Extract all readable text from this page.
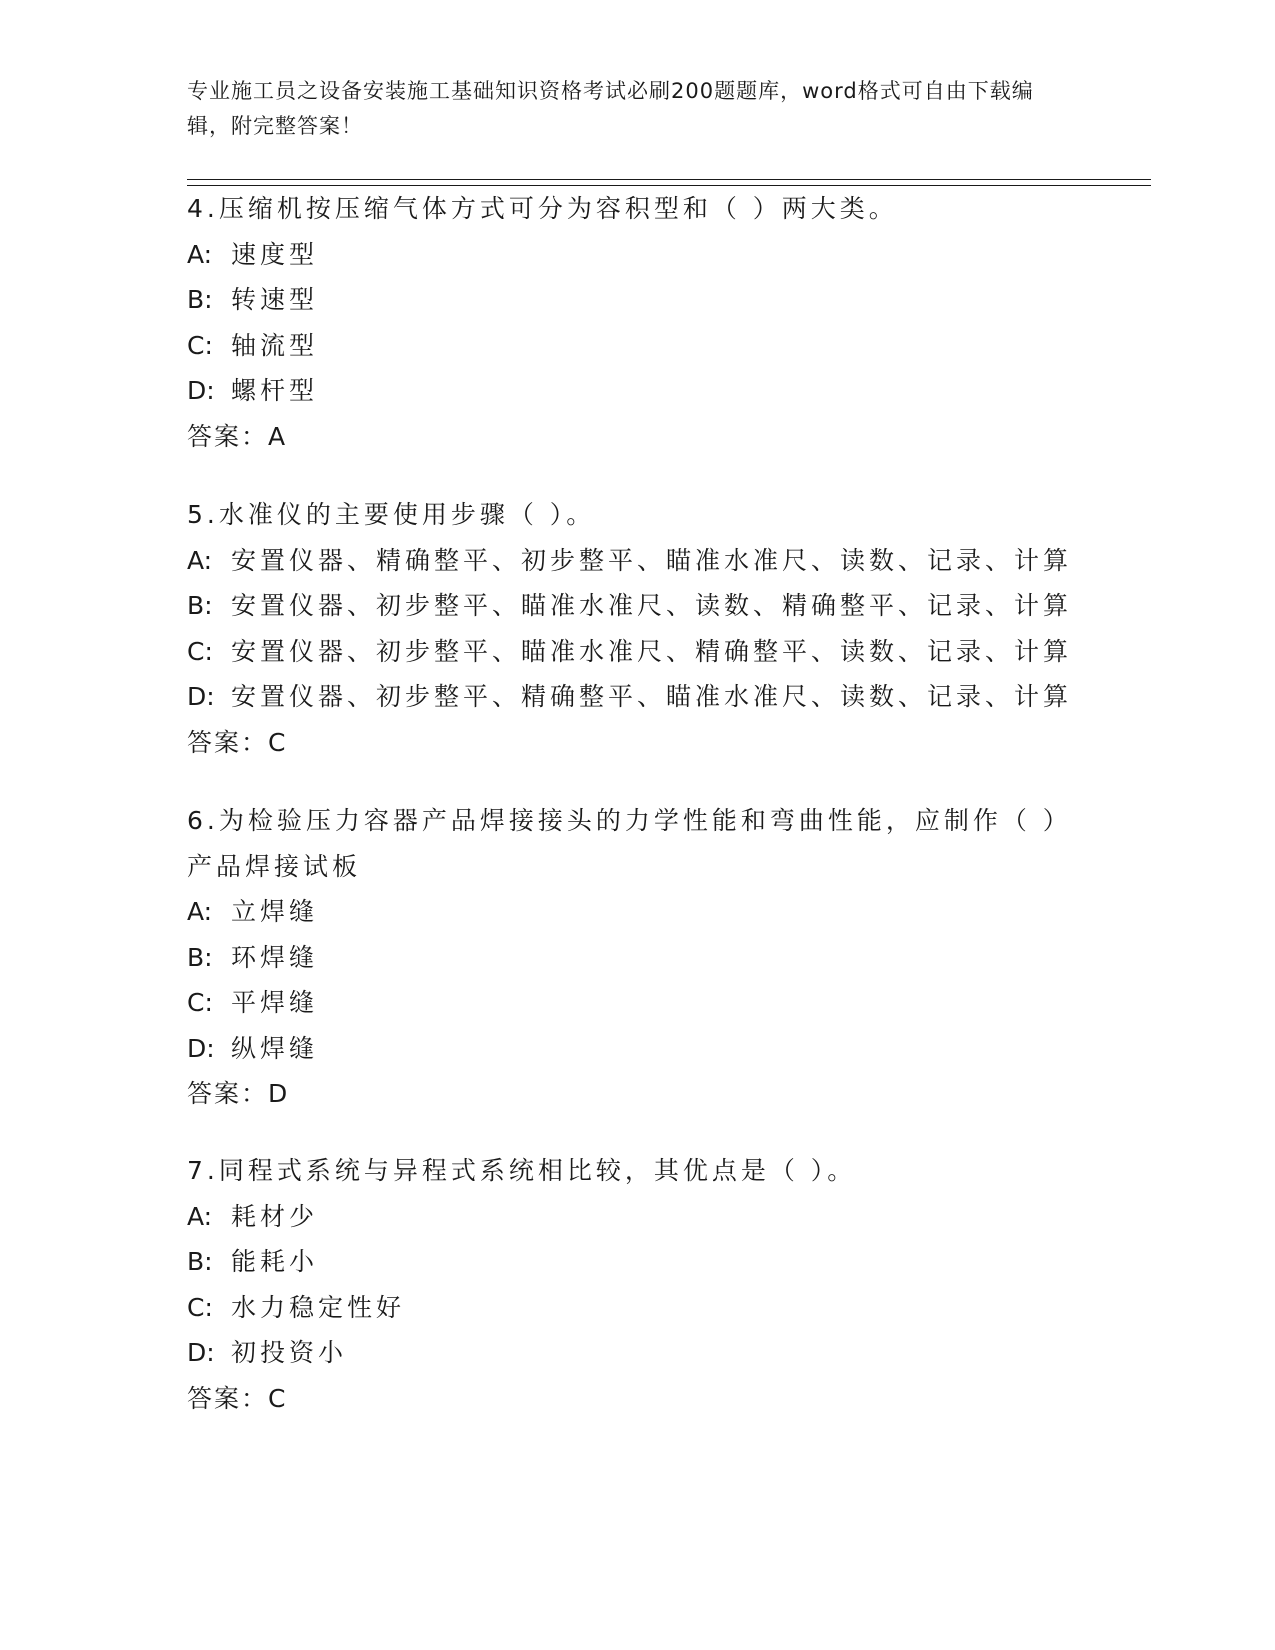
专业施工员之设备安装施工基础知识资格考试必刷200题题库，word格式可自由下载编辑，附完整答案！
4.压缩机按压缩气体方式可分为容积型和（ ）两大类。
A: 速度型
B: 转速型
C: 轴流型
D: 螺杆型
答案：A
5.水准仪的主要使用步骤（ ）。
A: 安置仪器、精确整平、初步整平、瞄准水准尺、读数、记录、计算
B: 安置仪器、初步整平、瞄准水准尺、读数、精确整平、记录、计算
C: 安置仪器、初步整平、瞄准水准尺、精确整平、读数、记录、计算
D: 安置仪器、初步整平、精确整平、瞄准水准尺、读数、记录、计算
答案：C
6.为检验压力容器产品焊接接头的力学性能和弯曲性能，应制作（ ）产品焊接试板
A: 立焊缝
B: 环焊缝
C: 平焊缝
D: 纵焊缝
答案：D
7.同程式系统与异程式系统相比较，其优点是（ ）。
A: 耗材少
B: 能耗小
C: 水力稳定性好
D: 初投资小
答案：C
